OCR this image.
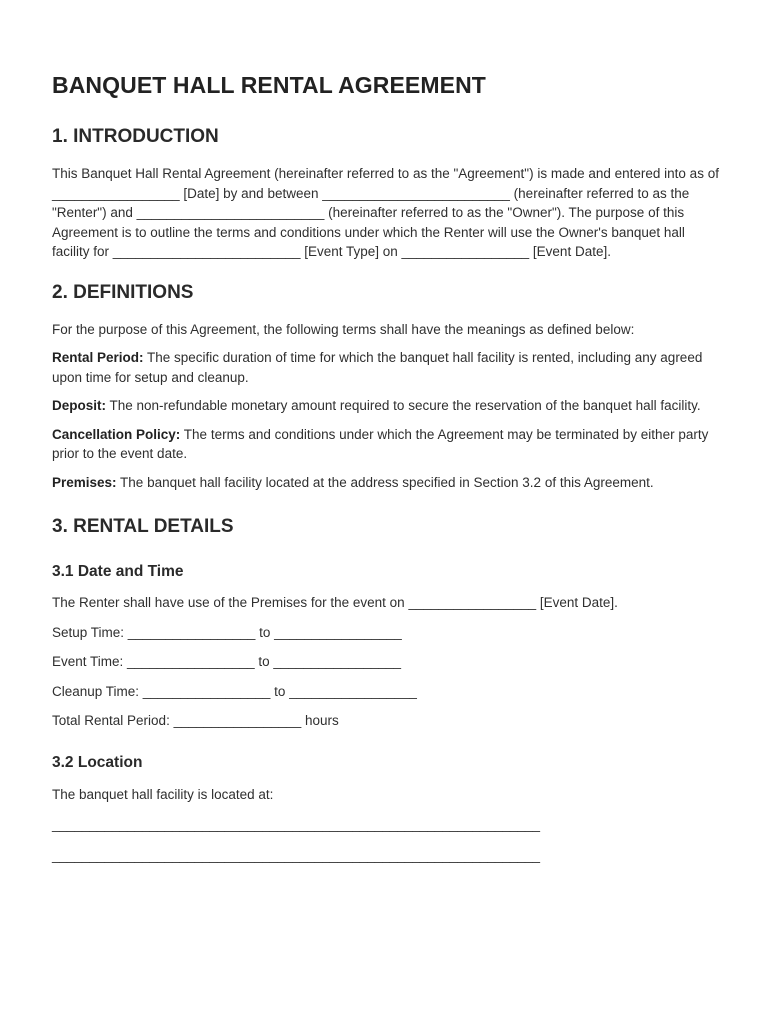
BANQUET HALL RENTAL AGREEMENT
1. INTRODUCTION

This Banquet Hall Rental Agreement (hereinafter referred to as the "Agreement") is made and entered into as of _________________ [Date] by and between _________________________ (hereinafter referred to as the "Renter") and _________________________ (hereinafter referred to as the "Owner"). The purpose of this Agreement is to outline the terms and conditions under which the Renter will use the Owner's banquet hall facility for _________________________ [Event Type] on _________________ [Event Date].

2. DEFINITIONS

For the purpose of this Agreement, the following terms shall have the meanings as defined below:

Rental Period: The specific duration of time for which the banquet hall facility is rented, including any agreed upon time for setup and cleanup.

Deposit: The non-refundable monetary amount required to secure the reservation of the banquet hall facility.

Cancellation Policy: The terms and conditions under which the Agreement may be terminated by either party prior to the event date.

Premises: The banquet hall facility located at the address specified in Section 3.2 of this Agreement.

3. RENTAL DETAILS
3.1 Date and Time

The Renter shall have use of the Premises for the event on _________________ [Event Date].

Setup Time: _________________ to _________________

Event Time: _________________ to _________________

Cleanup Time: _________________ to _________________

Total Rental Period: _________________ hours

3.2 Location

The banquet hall facility is located at:

_________________________________________________________________

_________________________________________________________________
